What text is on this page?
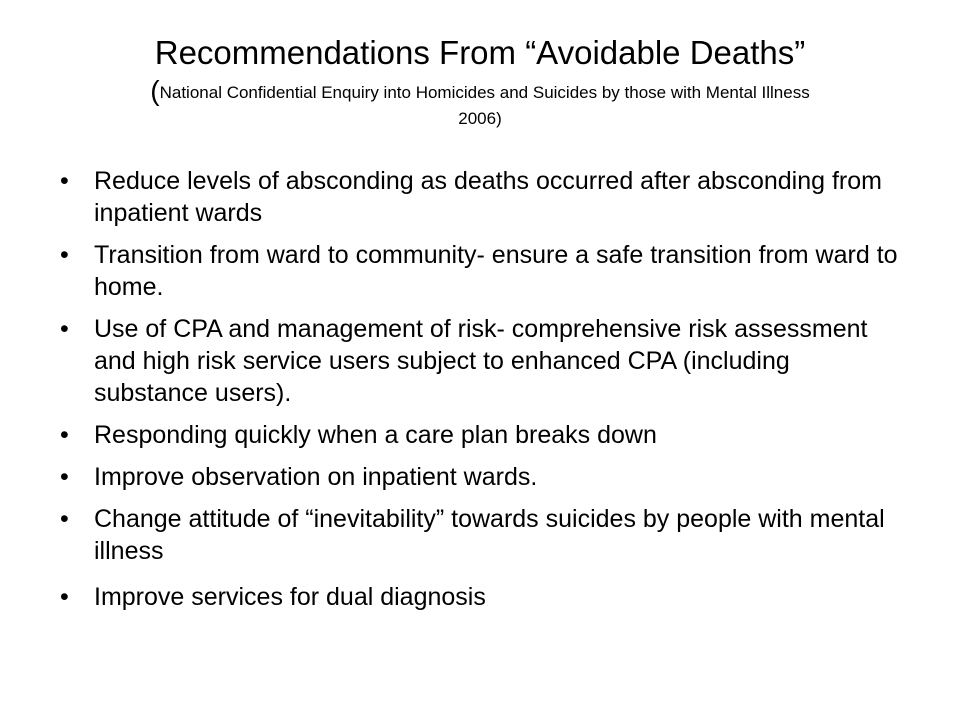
Recommendations From “Avoidable Deaths”
(National Confidential Enquiry into Homicides and Suicides by those with Mental Illness 2006)
• Reduce levels of absconding as deaths occurred after absconding from inpatient wards
• Transition from ward to community- ensure a safe transition from ward to home.
• Use of CPA and management of risk- comprehensive risk assessment and high risk service users subject to enhanced CPA (including substance users).
• Responding quickly when a care plan breaks down
• Improve observation on inpatient wards.
• Change attitude of “inevitability” towards suicides by people with mental illness
• Improve services for dual diagnosis
